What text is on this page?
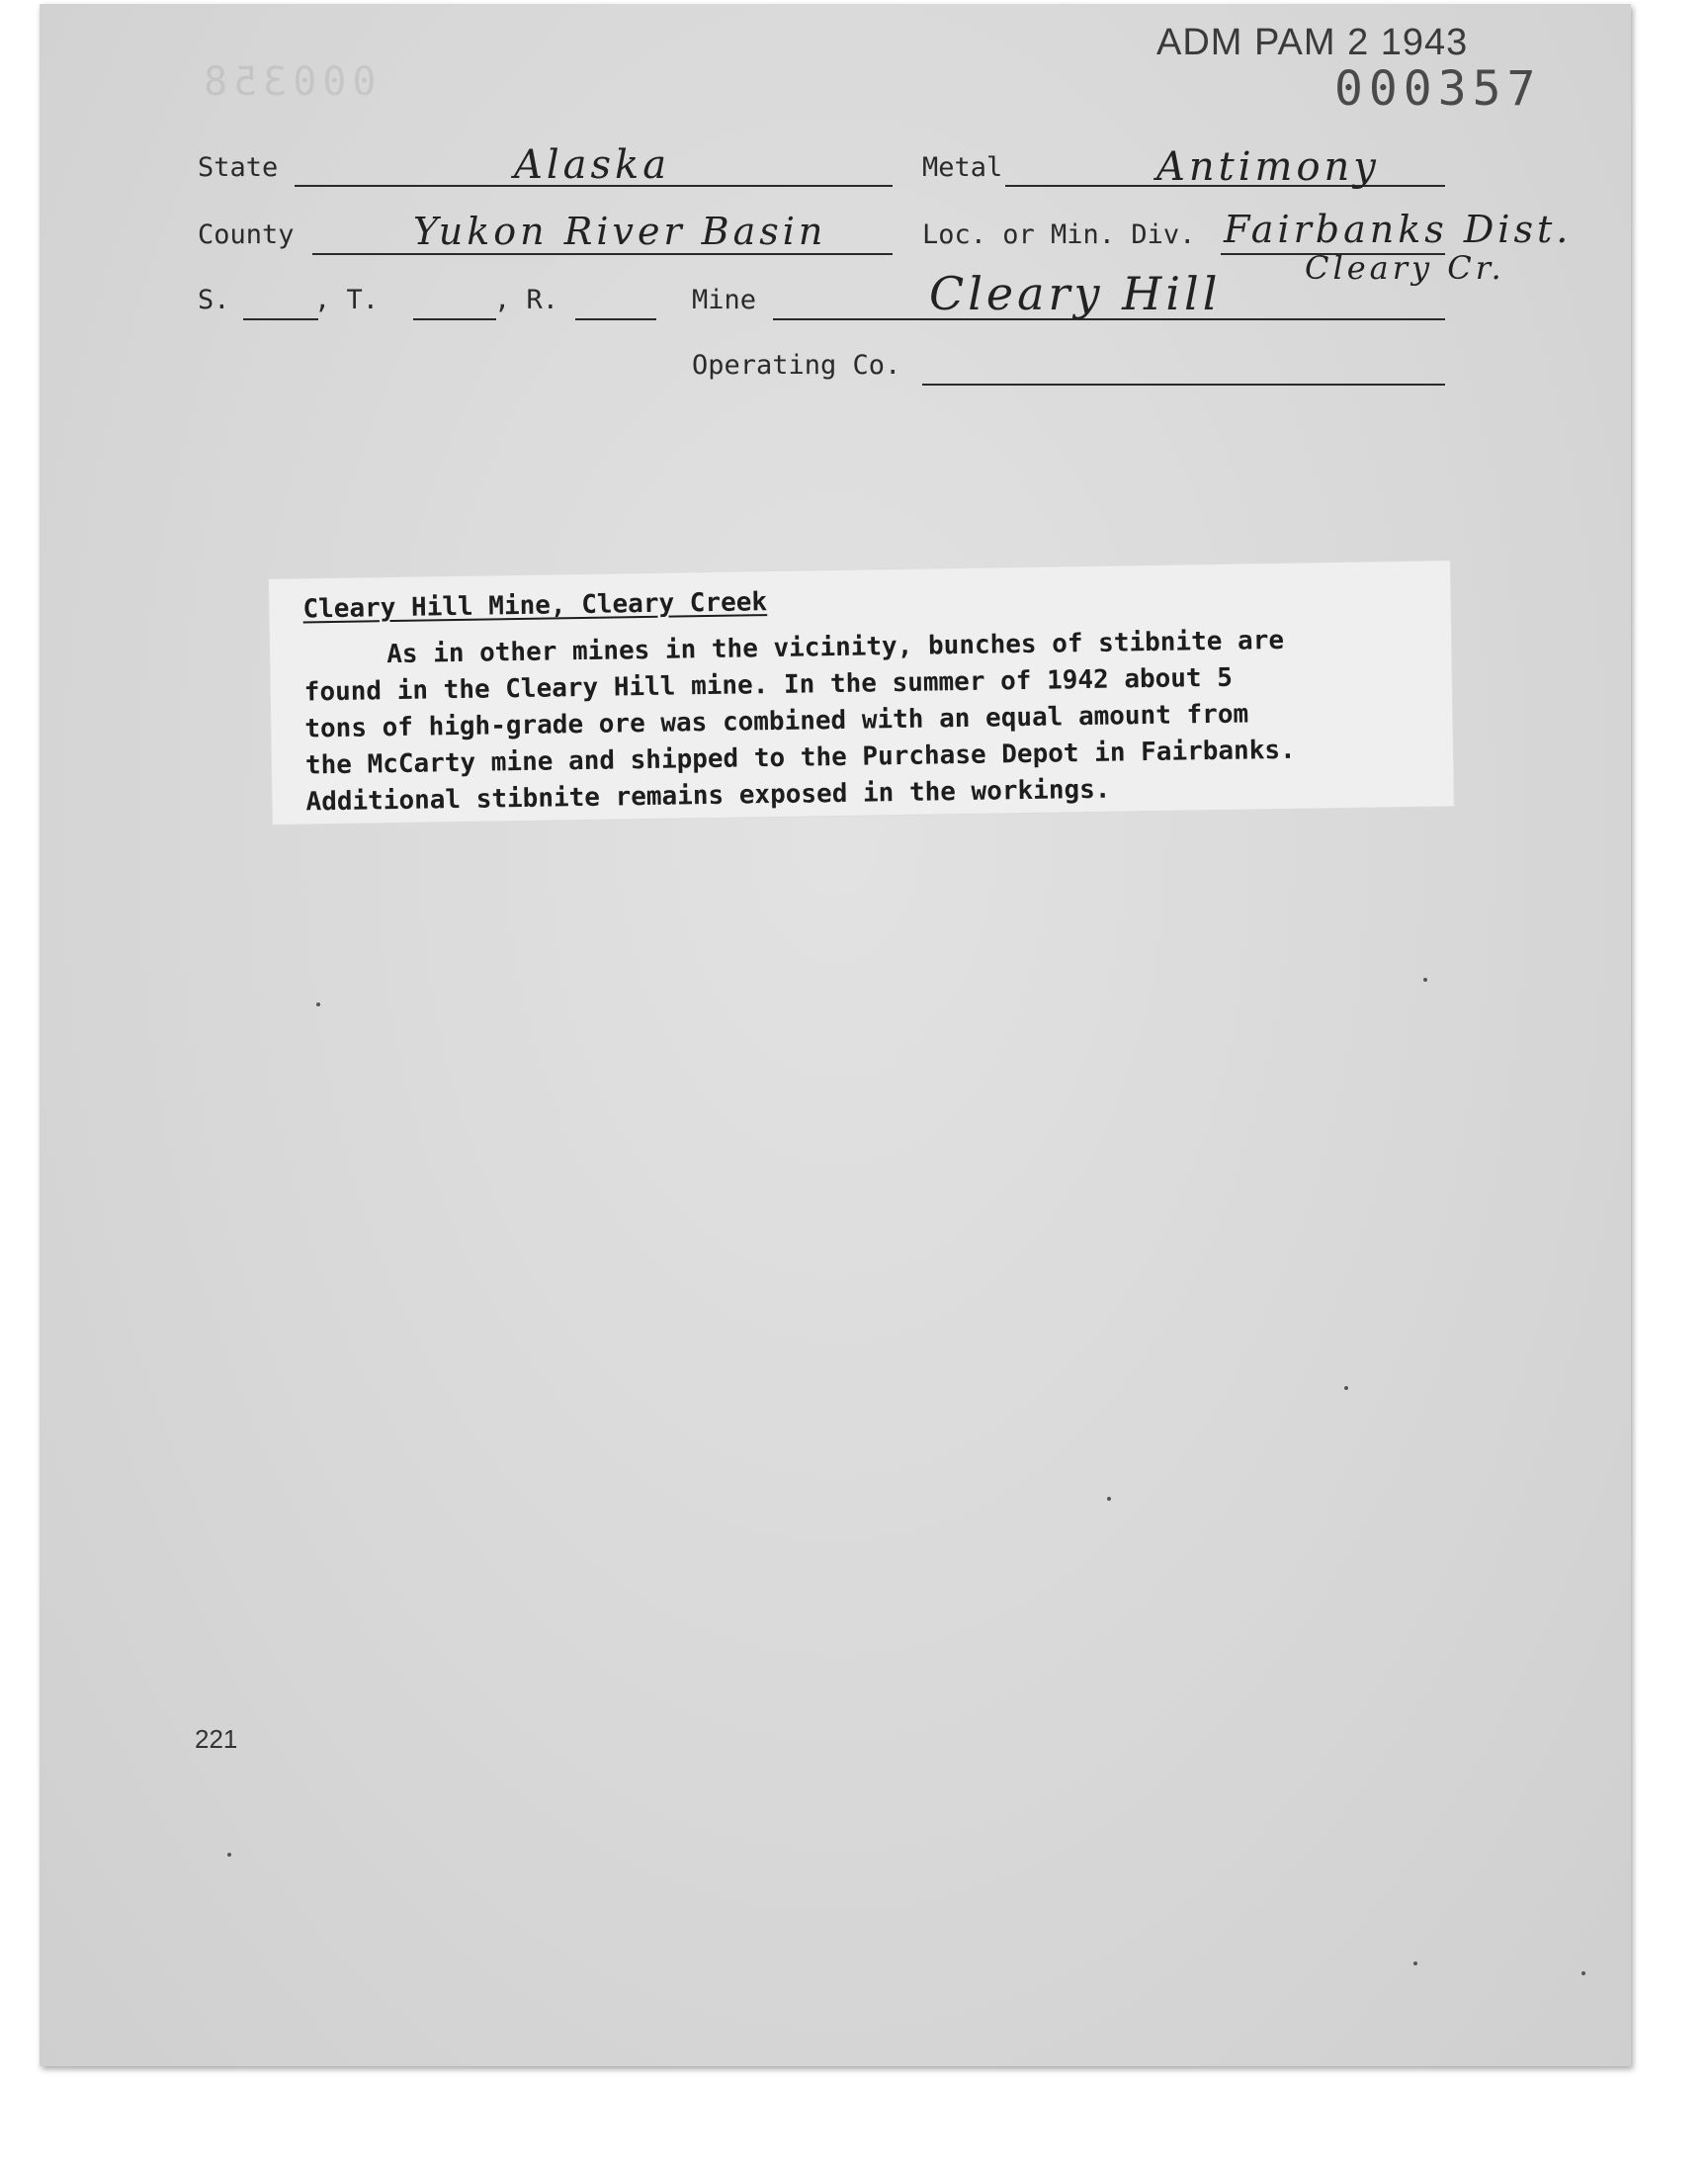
000358
ADM PAM 2 1943
000357
State	Alaska	Metal	Antimony
County	Yukon River Basin	Loc. or Min. Div. Fairbanks Dist.
Cleary Cr.
S.	, T.	, R.	Mine	Cleary Hill
Operating Co.
Cleary Hill Mine, Cleary Creek
As in other mines in the vicinity, bunches of stibnite are
found in the Cleary Hill mine. In the summer of 1942 about 5
tons of high-grade ore was combined with an equal amount from
the McCarty mine and shipped to the Purchase Depot in Fairbanks.
Additional stibnite remains exposed in the workings.
221
